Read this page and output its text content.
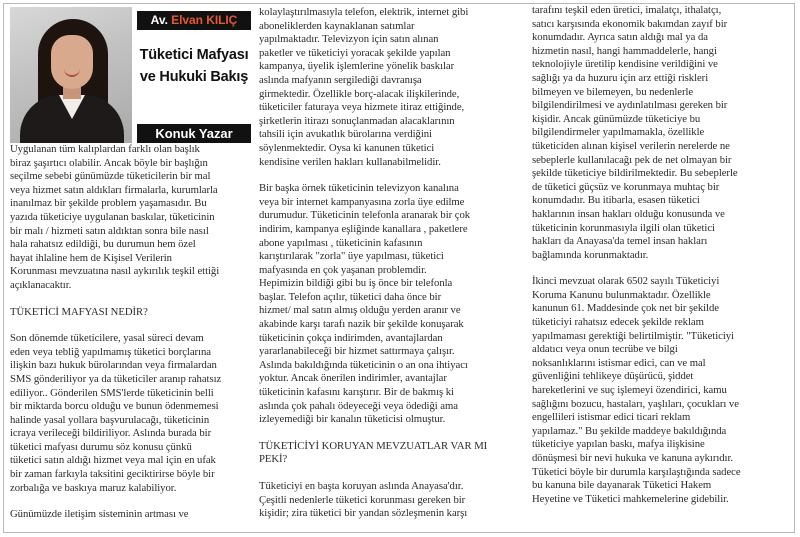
Av. Elvan KILIÇ
Tüketici Mafyası
ve Hukuki Bakış
Konuk Yazar

Uygulanan tüm kalıplardan farklı olan başlık

biraz şaşırtıcı olabilir. Ancak böyle bir başlığın

seçilme sebebi günümüzde tüketicilerin bir mal

veya hizmet satın aldıkları firmalarla, kurumlarla

inanılmaz bir şekilde problem yaşamasıdır. Bu

yazıda tüketiciye uygulanan baskılar, tüketicinin

bir malı / hizmeti satın aldıktan sonra bile nasıl

hala rahatsız edildiği, bu durumun hem özel

hayat ihlaline hem de Kişisel Verilerin

Korunması mevzuatına nasıl aykırılık teşkil ettiği

açıklanacaktır.

TÜKETİCİ MAFYASI NEDİR?

Son dönemde tüketicilere, yasal süreci devam

eden veya tebliğ yapılmamış tüketici borçlarına

ilişkin bazı hukuk bürolarından veya firmalardan

SMS gönderiliyor ya da tüketiciler aranıp rahatsız

ediliyor.. Gönderilen SMS'lerde tüketicinin belli

bir miktarda borcu olduğu ve bunun ödenmemesi

halinde yasal yollara başvurulacağı, tüketicinin

icraya verileceği bildiriliyor. Aslında burada bir

tüketici mafyası durumu söz konusu çünkü

tüketici satın aldığı hizmet veya mal için en ufak

bir zaman farkıyla taksitini geciktirirse böyle bir

zorbalığa ve baskıya maruz kalabiliyor.

Günümüzde iletişim sisteminin artması ve

kolaylaştırılmasıyla telefon, elektrik, internet gibi

aboneliklerden kaynaklanan satımlar

yapılmaktadır. Televizyon için satın alınan

paketler ve tüketiciyi yoracak şekilde yapılan

kampanya, üyelik işlemlerine yönelik baskılar

aslında mafyanın sergilediği davranışa

girmektedir. Özellikle borç-alacak ilişkilerinde,

tüketiciler faturaya veya hizmete itiraz ettiğinde,

şirketlerin itirazı sonuçlanmadan alacaklarının

tahsili için avukatlık bürolarına verdiğini

söylenmektedir. Oysa ki kanunen tüketici

kendisine verilen hakları kullanabilmelidir.

Bir başka örnek tüketicinin televizyon kanalına

veya bir internet kampanyasına zorla üye edilme

durumudur. Tüketicinin telefonla aranarak bir çok

indirim, kampanya eşliğinde kanallara , paketlere

abone yapılması , tüketicinin kafasının

karıştırılarak "zorla" üye yapılması, tüketici

mafyasında en çok yaşanan problemdir.

Hepimizin bildiği gibi bu iş önce bir telefonla

başlar. Telefon açılır, tüketici daha önce bir

hizmet/ mal satın almış olduğu yerden aranır ve

akabinde karşı tarafı nazik bir şekilde konuşarak

tüketicinin çokça indirimden, avantajlardan

yararlanabileceği bir hizmet sattırmaya çalışır.

Aslında bakıldığında tüketicinin o an ona ihtiyacı

yoktur. Ancak önerilen indirimler, avantajlar

tüketicinin kafasını karıştırır. Bir de bakmış ki

aslında çok pahalı ödeyeceği veya ödediği ama

izleyemediği bir kanalın tüketicisi olmuştur.

TÜKETİCİYİ KORUYAN MEVZUATLAR VAR MI

PEKİ?

Tüketiciyi en başta koruyan aslında Anayasa'dır.

Çeşitli nedenlerle tüketici korunması gereken bir

kişidir; zira tüketici bir yandan sözleşmenin karşı

tarafını teşkil eden üretici, imalatçı, ithalatçı,

satıcı karşısında ekonomik bakımdan zayıf bir

konumdadır. Ayrıca satın aldığı mal ya da

hizmetin nasıl, hangi hammaddelerle, hangi

teknolojiyle üretilip kendisine verildiğini ve

sağlığı ya da huzuru için arz ettiği riskleri

bilmeyen ve bilemeyen, bu nedenlerle

bilgilendirilmesi ve aydınlatılması gereken bir

kişidir. Ancak günümüzde tüketiciye bu

bilgilendirmeler yapılmamakla, özellikle

tüketiciden alınan kişisel verilerin nerelerde ne

sebeplerle kullanılacağı pek de net olmayan bir

şekilde tüketiciye bildirilmektedir. Bu sebeplerle

de tüketici güçsüz ve korunmaya muhtaç bir

konumdadır. Bu itibarla, esasen tüketici

haklarının insan hakları olduğu konusunda ve

tüketicinin korunmasıyla ilgili olan tüketici

hakları da Anayasa'da temel insan hakları

bağlamında korunmaktadır.

İkinci mevzuat olarak 6502 sayılı Tüketiciyi

Koruma Kanunu bulunmaktadır. Özellikle

kanunun 61. Maddesinde çok net bir şekilde

tüketiciyi rahatsız edecek şekilde reklam

yapılmaması gerektiği belirtilmiştir. "Tüketiciyi

aldatıcı veya onun tecrübe ve bilgi

noksanlıklarını istismar edici, can ve mal

güvenliğini tehlikeye düşürücü, şiddet

hareketlerini ve suç işlemeyi özendirici, kamu

sağlığını bozucu, hastaları, yaşlıları, çocukları ve

engellileri istismar edici ticari reklam

yapılamaz." Bu şekilde maddeye bakıldığında

tüketiciye yapılan baskı, mafya ilişkisine

dönüşmesi bir nevi hukuka ve kanuna aykırıdır.

Tüketici böyle bir durumla karşılaştığında sadece

bu kanuna bile dayanarak Tüketici Hakem

Heyetine ve Tüketici mahkemelerine gidebilir.
